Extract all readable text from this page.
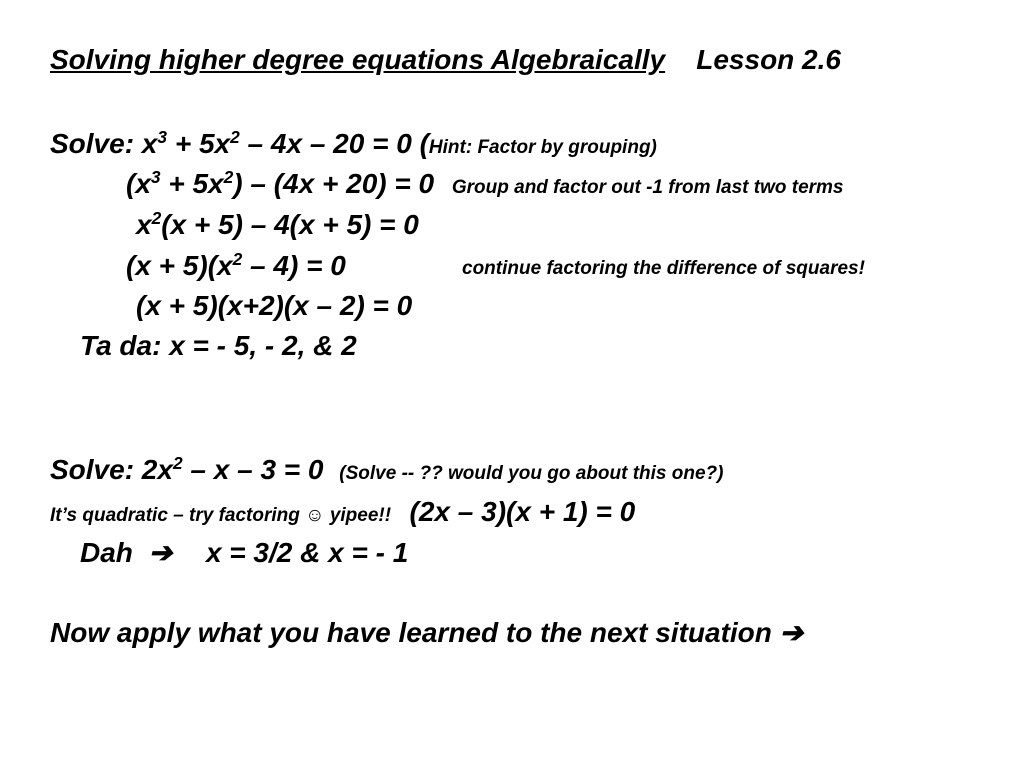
Solving higher degree equations Algebraically Lesson 2.6
Solve: $x^3 + 5x^2 - 4x - 20 = 0$ (Hint: Factor by grouping)
$(x^3 + 5x^2) - (4x + 20) = 0$ Group and factor out -1 from last two terms
$x^2(x + 5) - 4(x + 5) = 0$
$(x + 5)(x^2 - 4) = 0$	continue factoring the difference of squares!
(x + 5)(x+2)(x – 2) = 0
Ta da: x = - 5, - 2, & 2
Solve: $2x^2 - x - 3 = 0$ (Solve -- ?? would you go about this one?)
It’s quadratic – try factoring ☺ yipee!! (2x – 3)(x + 1) = 0
Dah ➔ x = 3/2 & x = - 1
Now apply what you have learned to the next situation ➔
